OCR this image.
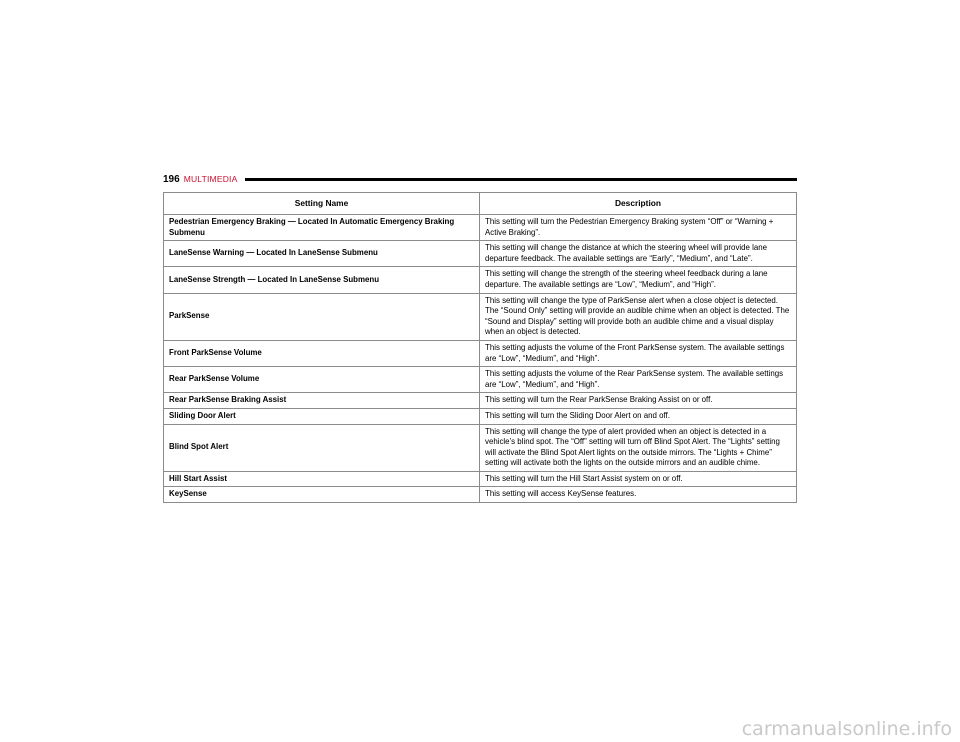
196 MULTIMEDIA
Setting Name	Description
Pedestrian Emergency Braking — Located In Automatic Emergency Braking Submenu	This setting will turn the Pedestrian Emergency Braking system “Off” or “Warning + Active Braking”.
LaneSense Warning — Located In LaneSense Submenu	This setting will change the distance at which the steering wheel will provide lane departure feedback. The available settings are “Early”, “Medium”, and “Late”.
LaneSense Strength — Located In LaneSense Submenu	This setting will change the strength of the steering wheel feedback during a lane departure. The available settings are “Low”, “Medium”, and “High”.
ParkSense	This setting will change the type of ParkSense alert when a close object is detected. The “Sound Only” setting will provide an audible chime when an object is detected. The “Sound and Display” setting will provide both an audible chime and a visual display when an object is detected.
Front ParkSense Volume	This setting adjusts the volume of the Front ParkSense system. The available settings are “Low”, “Medium”, and “High”.
Rear ParkSense Volume	This setting adjusts the volume of the Rear ParkSense system. The available settings are “Low”, “Medium”, and “High”.
Rear ParkSense Braking Assist	This setting will turn the Rear ParkSense Braking Assist on or off.
Sliding Door Alert	This setting will turn the Sliding Door Alert on and off.
Blind Spot Alert	This setting will change the type of alert provided when an object is detected in a vehicle’s blind spot. The “Off” setting will turn off Blind Spot Alert. The “Lights” setting will activate the Blind Spot Alert lights on the outside mirrors. The “Lights + Chime” setting will activate both the lights on the outside mirrors and an audible chime.
Hill Start Assist	This setting will turn the Hill Start Assist system on or off.
KeySense	This setting will access KeySense features.
carmanualsonline.info
